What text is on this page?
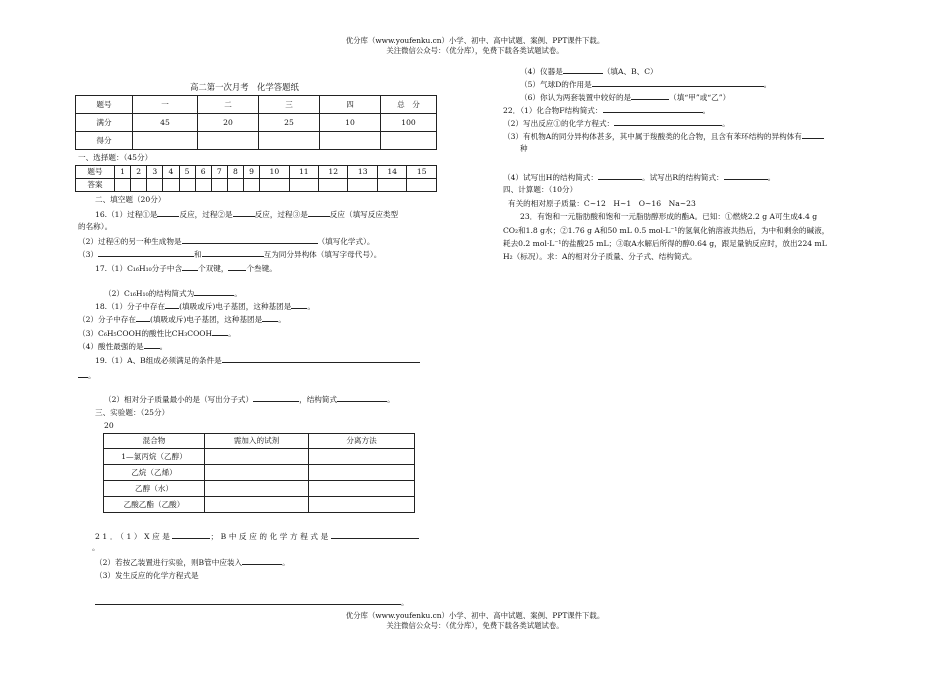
优分库（www.youfenku.cn）小学、初中、高中试题、案例、PPT课件下载。
关注微信公众号：（优分库），免费下载各类试题试卷。
高二第一次月考　化学答题纸
题号	一	二	三	四	总　分
满分	45	20	25	10	100
得分					
一、选择题：（45分）
题号	1	2	3	4	5	6	7	8	9	10	11	12	13	14	15
答案															
二、填空题（20分）
16.（1）过程①是	反应，过程②是	反应，过程③是	反应（填写反应类型
的名称）。
（2）过程④的另一种生成物是	（填写化学式）。
（3）	和	互为同分异构体（填写字母代号）。
17.（1）C₁₆H₁₀分子中含 个双键， 个叁键。
（2）C₁₆H₁₀的结构简式为	。
18.（1）分子中存在 (填吸或斥)电子基团，这种基团是 。
（2）分子中存在 (填吸或斥)电子基团，这种基团是 。
（3）C₆H₅COOH的酸性比CH₃COOH 。
（4）酸性最强的是 。
19.（1）A、B组成必须满足的条件是
。
（2）相对分子质量最小的是（写出分子式）	，结构简式	。
三、实验题：（25分）
20
混合物	需加入的试剂	分离方法
1—氯丙烷（乙醇）		
乙烷（乙烯）		
乙醇（水）		
乙酸乙酯（乙酸）		
21．（1）X应是	；B中反应的化学方程式是
。
（2）若按乙装置进行实验，则B管中应装入	。
（3）发生反应的化学方程式是
。
（4）仪器是	（填A、B、C）
（5）气球D的作用是	。
（6）你认为两套装置中较好的是	（填“甲”或“乙”）
22．（1）化合物F结构简式：	。
（2）写出反应①的化学方程式：	。
（3）有机物A的同分异构体甚多，其中属于羧酸类的化合物，且含有苯环结构的异构体有
种
（4）试写出H的结构简式：	。试写出R的结构简式：	。
四、计算题：（10分）
有关的相对原子质量：C~12　H~1　O~16　Na~23
23．有饱和一元脂肪酸和饱和一元脂肪醇形成的酯A。已知：①燃烧2.2 g A可生成4.4 g
CO₂和1.8 g水；②1.76 g A和50 mL 0.5 mol·L⁻¹的氢氧化钠溶液共热后，为中和剩余的碱液，
耗去0.2 mol·L⁻¹的盐酸25 mL；③取A水解后所得的醇0.64 g，跟足量钠反应时，放出224 mL
H₂（标况）。求：A的相对分子质量、分子式、结构简式。
优分库（www.youfenku.cn）小学、初中、高中试题、案例、PPT课件下载。
关注微信公众号：（优分库），免费下载各类试题试卷。
